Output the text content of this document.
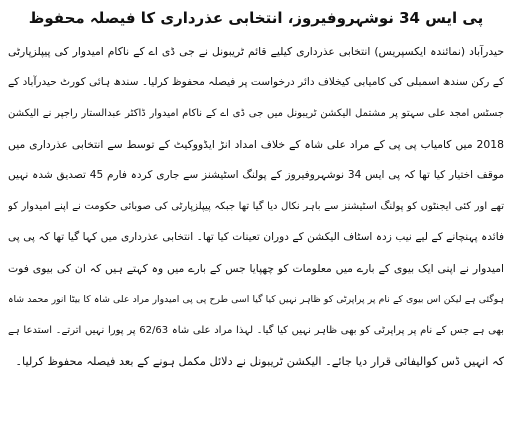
پی ایس 34 نوشہروفیروز، انتخابی عذرداری کا فیصلہ محفوظ
حیدرآباد (نمائندہ ایکسپریس) انتخابی عذرداری کیلیے قائم ٹریبونل نے جی ڈی اے کے ناکام امیدوار کی پیپلزپارٹی
کے رکن سندھ اسمبلی کی کامیابی کیخلاف دائر درخواست پر فیصلہ محفوظ کرلیا۔ سندھ ہائی کورٹ حیدرآباد کے
جسٹس امجد علی سہتو پر مشتمل الیکشن ٹریبونل میں جی ڈی اے کے ناکام امیدوار ڈاکٹر عبدالستار راجپر نے الیکشن
2018 میں کامیاب پی پی کے مراد علی شاہ کے خلاف امداد انڑ ایڈووکیٹ کے توسط سے انتخابی عذرداری میں
موقف اختیار کیا تھا کہ پی ایس 34 نوشہروفیروز کے پولنگ اسٹیشنز سے جاری کردہ فارم 45 تصدیق شدہ نہیں
تھے اور کئی ایجنٹوں کو پولنگ اسٹیشنز سے باہر نکال دیا گیا تھا جبکہ پیپلزپارٹی کی صوبائی حکومت نے اپنے امیدوار کو
فائدہ پہنچانے کے لیے نیب زدہ اسٹاف الیکشن کے دوران تعینات کیا تھا۔ انتخابی عذرداری میں کہا گیا تھا کہ پی پی
امیدوار نے اپنی ایک بیوی کے بارے میں معلومات کو چھپایا جس کے بارے میں وہ کہتے ہیں کہ ان کی بیوی فوت
ہوگئی ہے لیکن اس بیوی کے نام پر پراپرٹی کو ظاہر نہیں کیا گیا اسی طرح پی پی امیدوار مراد علی شاہ کا بیٹا انور محمد شاہ
بھی ہے جس کے نام پر پراپرٹی کو بھی ظاہر نہیں کیا گیا۔ لہذا مراد علی شاہ 62/63 پر پورا نہیں اترتے۔ استدعا ہے
کہ انہیں ڈس کوالیفائی قرار دیا جائے۔ الیکشن ٹریبونل نے دلائل مکمل ہونے کے بعد فیصلہ محفوظ کرلیا۔
